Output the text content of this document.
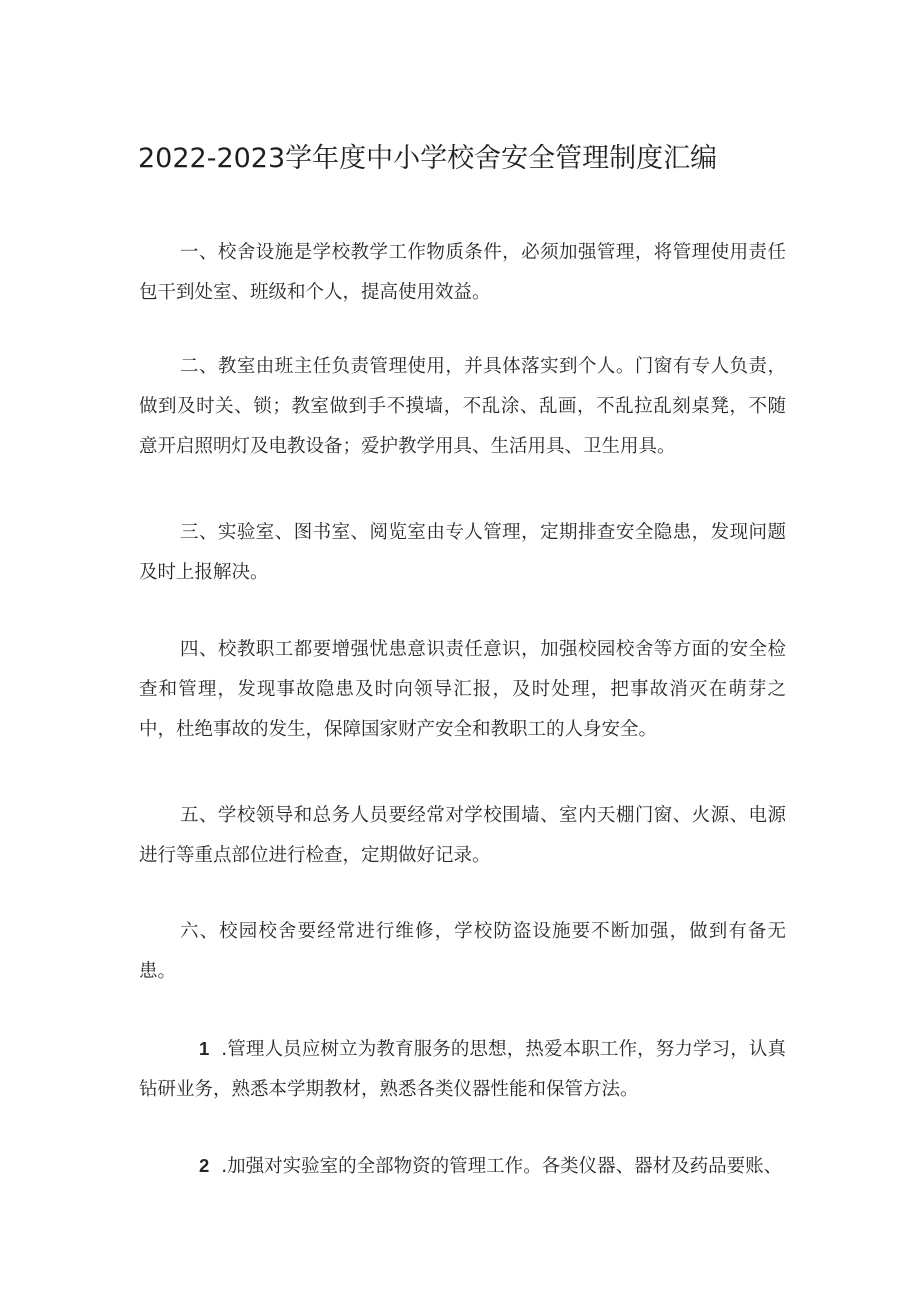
2022-2023学年度中小学校舍安全管理制度汇编
一、校舍设施是学校教学工作物质条件，必须加强管理，将管理使用责任包干到处室、班级和个人，提高使用效益。
二、教室由班主任负责管理使用，并具体落实到个人。门窗有专人负责，做到及时关、锁；教室做到手不摸墙，不乱涂、乱画，不乱拉乱刻桌凳，不随意开启照明灯及电教设备；爱护教学用具、生活用具、卫生用具。
三、实验室、图书室、阅览室由专人管理，定期排查安全隐患，发现问题及时上报解决。
四、校教职工都要增强忧患意识责任意识，加强校园校舍等方面的安全检查和管理，发现事故隐患及时向领导汇报，及时处理，把事故消灭在萌芽之中，杜绝事故的发生，保障国家财产安全和教职工的人身安全。
五、学校领导和总务人员要经常对学校围墙、室内天棚门窗、火源、电源进行等重点部位进行检查，定期做好记录。
六、校园校舍要经常进行维修，学校防盗设施要不断加强，做到有备无患。
1 .管理人员应树立为教育服务的思想，热爱本职工作，努力学习，认真钻研业务，熟悉本学期教材，熟悉各类仪器性能和保管方法。
2 .加强对实验室的全部物资的管理工作。各类仪器、器材及药品要账、
